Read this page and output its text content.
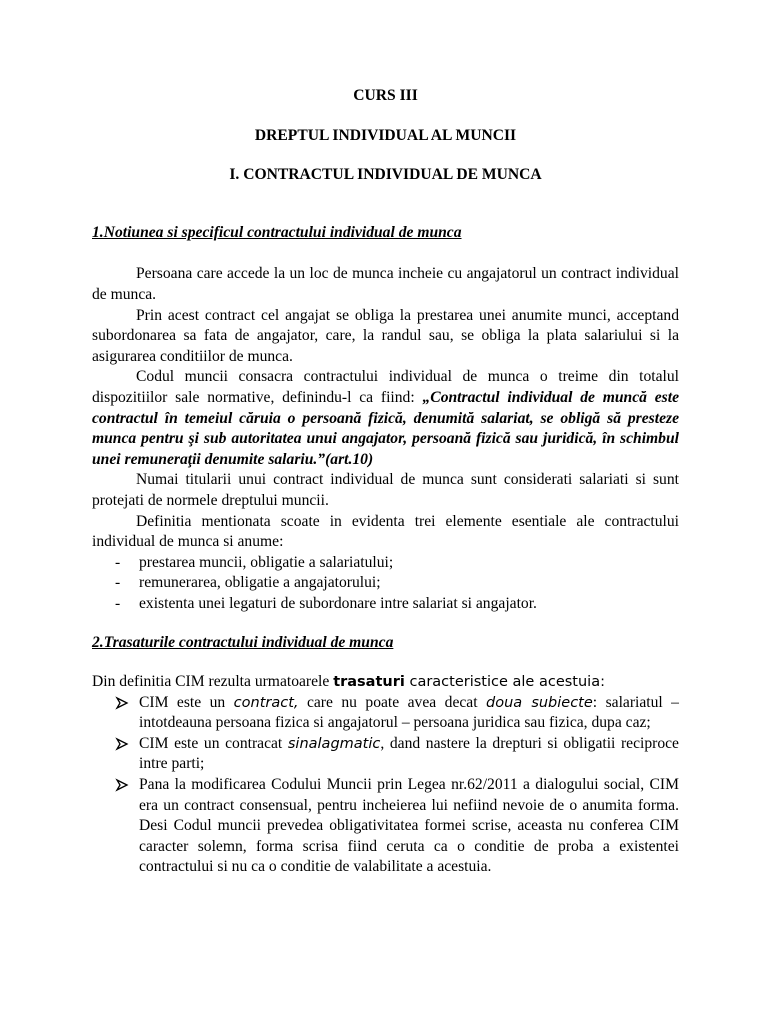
CURS III
DREPTUL INDIVIDUAL AL MUNCII
I. CONTRACTUL INDIVIDUAL DE MUNCA
1.Notiunea si specificul contractului individual de munca

Persoana care accede la un loc de munca incheie cu angajatorul un contract individual de munca.

Prin acest contract cel angajat se obliga la prestarea unei anumite munci, acceptand subordonarea sa fata de angajator, care, la randul sau, se obliga la plata salariului si la asigurarea conditiilor de munca.

Codul muncii consacra contractului individual de munca o treime din totalul dispozitiilor sale normative, definindu-l ca fiind: „Contractul individual de muncă este contractul în temeiul căruia o persoană fizică, denumită salariat, se obligă să presteze munca pentru şi sub autoritatea unui angajator, persoană fizică sau juridică, în schimbul unei remuneraţii denumite salariu.”(art.10)

Numai titularii unui contract individual de munca sunt considerati salariati si sunt protejati de normele dreptului muncii.

Definitia mentionata scoate in evidenta trei elemente esentiale ale contractului individual de munca si anume:

- prestarea muncii, obligatie a salariatului;
- remunerarea, obligatie a angajatorului;
- existenta unei legaturi de subordonare intre salariat si angajator.
2.Trasaturile contractului individual de munca

Din definitia CIM rezulta urmatoarele trasaturi caracteristice ale acestuia:

CIM este un contract, care nu poate avea decat doua subiecte: salariatul – intotdeauna persoana fizica si angajatorul – persoana juridica sau fizica, dupa caz;
CIM este un contracat sinalagmatic, dand nastere la drepturi si obligatii reciproce intre parti;
Pana la modificarea Codului Muncii prin Legea nr.62/2011 a dialogului social, CIM era un contract consensual, pentru incheierea lui nefiind nevoie de o anumita forma. Desi Codul muncii prevedea obligativitatea formei scrise, aceasta nu conferea CIM caracter solemn, forma scrisa fiind ceruta ca o conditie de proba a existentei contractului si nu ca o conditie de valabilitate a acestuia.
